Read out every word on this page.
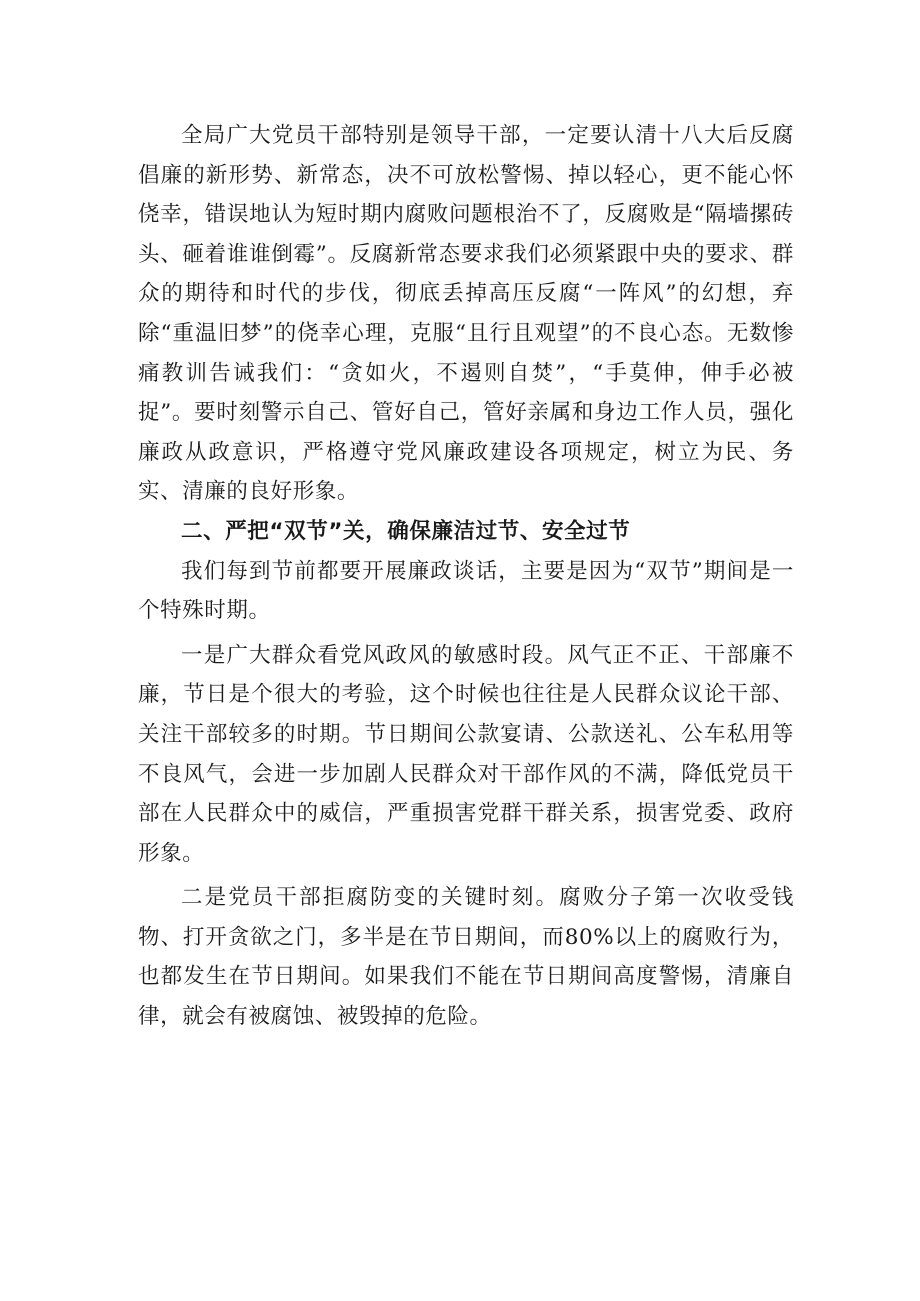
全局广大党员干部特别是领导干部，一定要认清十八大后反腐倡廉的新形势、新常态，决不可放松警惕、掉以轻心，更不能心怀侥幸，错误地认为短时期内腐败问题根治不了，反腐败是“隔墙摞砖头、砸着谁谁倒霉”。反腐新常态要求我们必须紧跟中央的要求、群众的期待和时代的步伐，彻底丢掉高压反腐“一阵风”的幻想，弃除“重温旧梦”的侥幸心理，克服“且行且观望”的不良心态。无数惨痛教训告诫我们：“贪如火，不遏则自焚”，“手莫伸，伸手必被捉”。要时刻警示自己、管好自己，管好亲属和身边工作人员，强化廉政从政意识，严格遵守党风廉政建设各项规定，树立为民、务实、清廉的良好形象。

二、严把“双节”关，确保廉洁过节、安全过节

我们每到节前都要开展廉政谈话，主要是因为“双节”期间是一个特殊时期。

一是广大群众看党风政风的敏感时段。风气正不正、干部廉不廉，节日是个很大的考验，这个时候也往往是人民群众议论干部、关注干部较多的时期。节日期间公款宴请、公款送礼、公车私用等不良风气，会进一步加剧人民群众对干部作风的不满，降低党员干部在人民群众中的威信，严重损害党群干群关系，损害党委、政府形象。

二是党员干部拒腐防变的关键时刻。腐败分子第一次收受钱物、打开贪欲之门，多半是在节日期间，而80%以上的腐败行为，也都发生在节日期间。如果我们不能在节日期间高度警惕，清廉自律，就会有被腐蚀、被毁掉的危险。
